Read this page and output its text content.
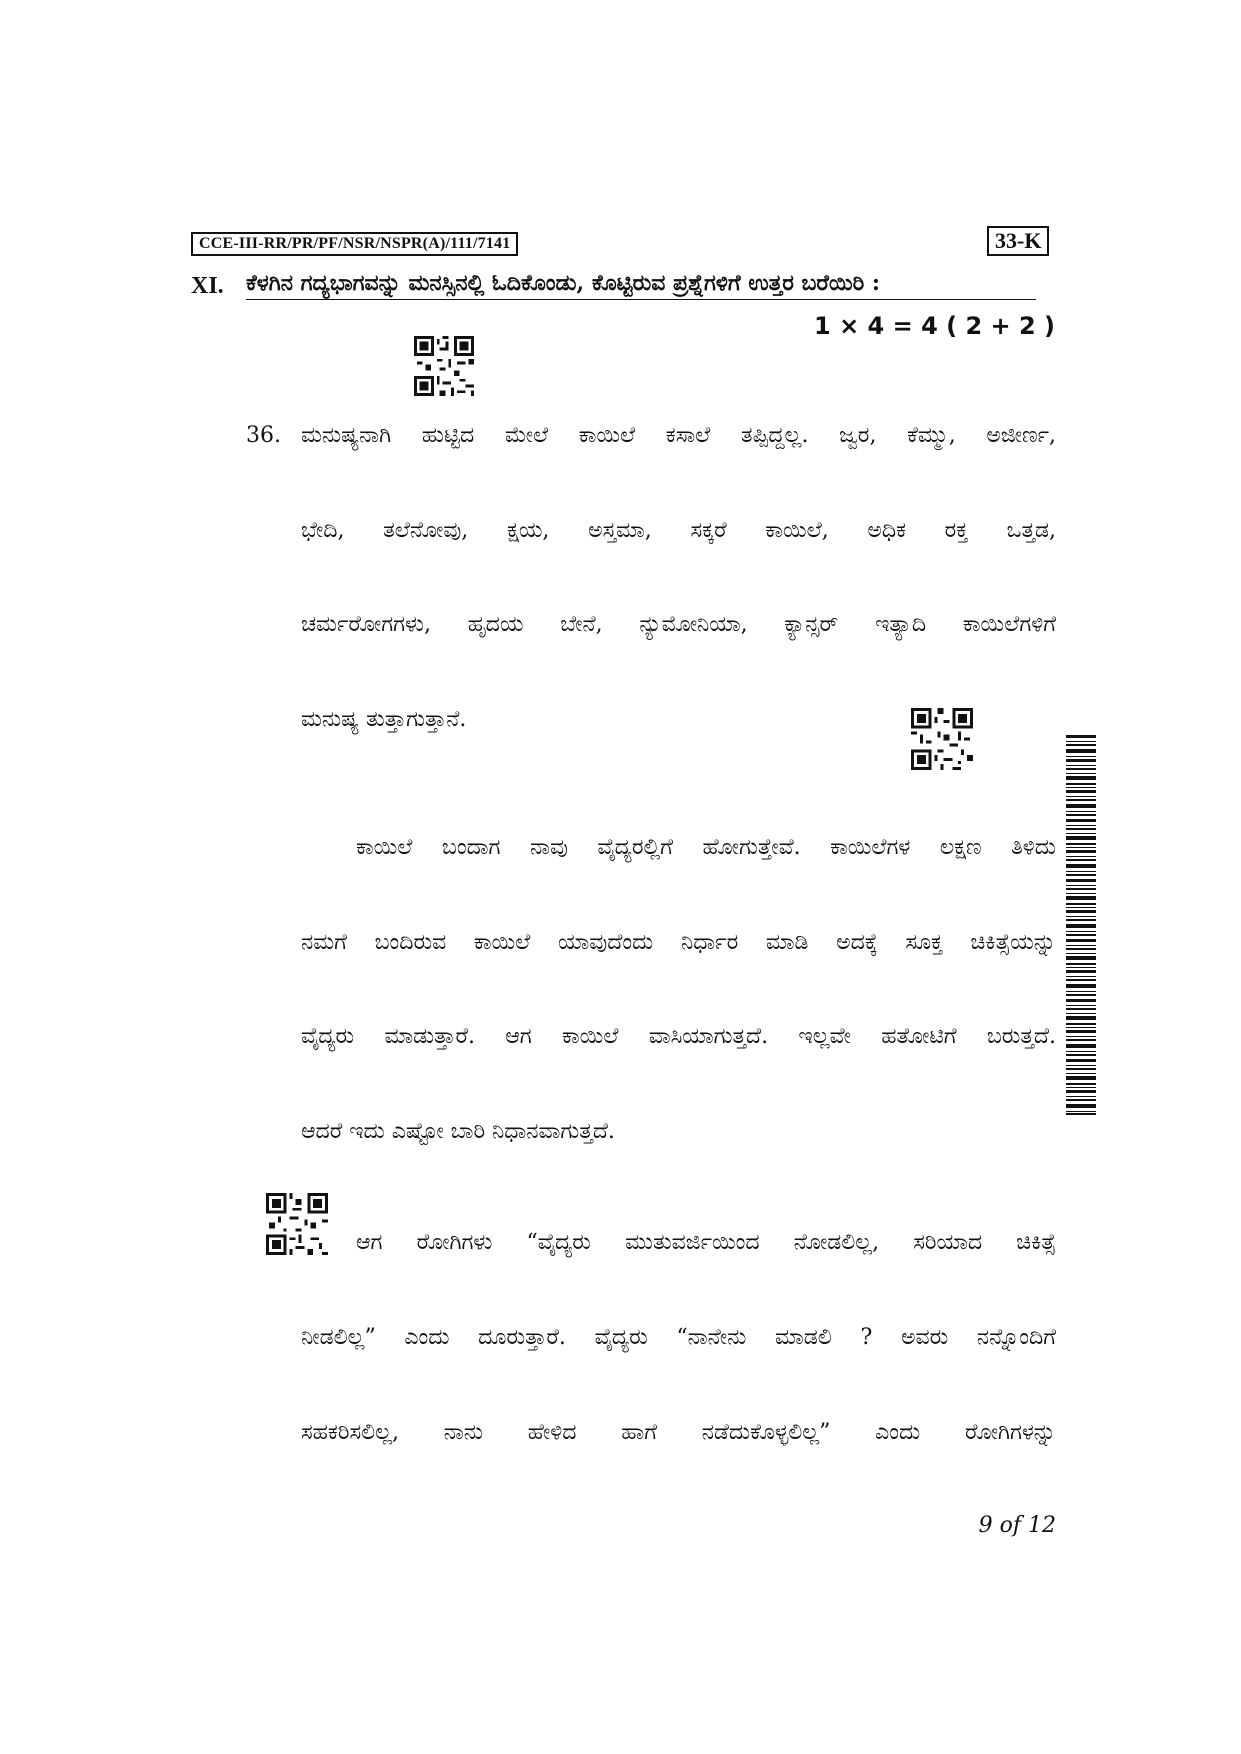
CCE-III-RR/PR/PF/NSR/NSPR(A)/111/7141	33-K
XI. ಕೆಳಗಿನ ಗದ್ಯಭಾಗವನ್ನು ಮನಸ್ಸಿನಲ್ಲಿ ಓದಿಕೊಂಡು, ಕೊಟ್ಟಿರುವ ಪ್ರಶ್ನೆಗಳಿಗೆ ಉತ್ತರ ಬರೆಯಿರಿ :
1 × 4 = 4 ( 2 + 2 )
36. ಮನುಷ್ಯನಾಗಿ ಹುಟ್ಟಿದ ಮೇಲೆ ಕಾಯಿಲೆ ಕಸಾಲೆ ತಪ್ಪಿದ್ದಲ್ಲ. ಜ್ವರ, ಕೆಮ್ಮು, ಅಜೀರ್ಣ,
ಭೇದಿ, ತಲೆನೋವು, ಕ್ಷಯ, ಅಸ್ತಮಾ, ಸಕ್ಕರೆ ಕಾಯಿಲೆ, ಅಧಿಕ ರಕ್ತ ಒತ್ತಡ,
ಚರ್ಮರೋಗಗಳು, ಹೃದಯ ಬೇನೆ, ನ್ಯುಮೋನಿಯಾ, ಕ್ಯಾನ್ಸರ್ ಇತ್ಯಾದಿ ಕಾಯಿಲೆಗಳಿಗೆ
ಮನುಷ್ಯ ತುತ್ತಾಗುತ್ತಾನೆ.
ಕಾಯಿಲೆ ಬಂದಾಗ ನಾವು ವೈದ್ಯರಲ್ಲಿಗೆ ಹೋಗುತ್ತೇವೆ. ಕಾಯಿಲೆಗಳ ಲಕ್ಷಣ ತಿಳಿದು
ನಮಗೆ ಬಂದಿರುವ ಕಾಯಿಲೆ ಯಾವುದೆಂದು ನಿರ್ಧಾರ ಮಾಡಿ ಅದಕ್ಕೆ ಸೂಕ್ತ ಚಿಕಿತ್ಸೆಯನ್ನು
ವೈದ್ಯರು ಮಾಡುತ್ತಾರೆ. ಆಗ ಕಾಯಿಲೆ ವಾಸಿಯಾಗುತ್ತದೆ. ಇಲ್ಲವೇ ಹತೋಟಿಗೆ ಬರುತ್ತದೆ.
ಆದರೆ ಇದು ಎಷ್ಟೋ ಬಾರಿ ನಿಧಾನವಾಗುತ್ತದೆ.
ಆಗ ರೋಗಿಗಳು “ವೈದ್ಯರು ಮುತುವರ್ಜಿಯಿಂದ ನೋಡಲಿಲ್ಲ, ಸರಿಯಾದ ಚಿಕಿತ್ಸೆ
ನೀಡಲಿಲ್ಲ” ಎಂದು ದೂರುತ್ತಾರೆ. ವೈದ್ಯರು “ನಾನೇನು ಮಾಡಲಿ ? ಅವರು ನನ್ನೊಂದಿಗೆ
ಸಹಕರಿಸಲಿಲ್ಲ, ನಾನು ಹೇಳಿದ ಹಾಗೆ ನಡೆದುಕೊಳ್ಳಲಿಲ್ಲ” ಎಂದು ರೋಗಿಗಳನ್ನು
9 of 12
